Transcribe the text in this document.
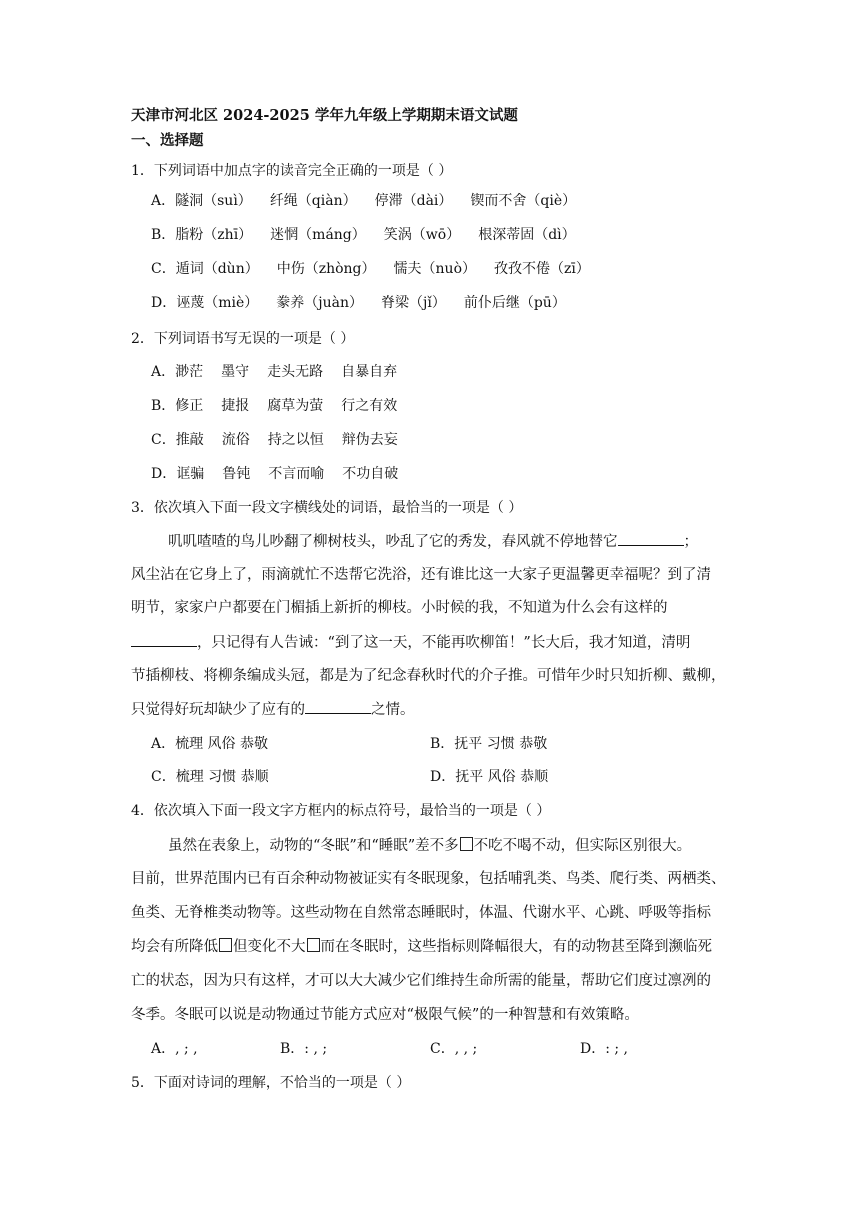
天津市河北区 2024-2025 学年九年级上学期期末语文试题
一、选择题
1．下列词语中加点字的读音完全正确的一项是（ ）
A．隧洞（suì） 纤绳（qiàn） 停滞（dài） 锲而不舍（qiè）
B．脂粉（zhī） 迷惘（máng） 笑涡（wō） 根深蒂固（dì）
C．遁词（dùn） 中伤（zhòng） 懦夫（nuò） 孜孜不倦（zī）
D．诬蔑（miè） 豢养（juàn） 脊梁（jǐ） 前仆后继（pū）
2．下列词语书写无误的一项是（ ）
A．渺茫 墨守 走头无路 自暴自弃
B．修正 捷报 腐草为萤 行之有效
C．推敲 流俗 持之以恒 辩伪去妄
D．诓骗 鲁钝 不言而喻 不功自破
3．依次填入下面一段文字横线处的词语，最恰当的一项是（ ）
叽叽喳喳的鸟儿吵翻了柳树枝头，吵乱了它的秀发，春风就不停地替它	；
风尘沾在它身上了，雨滴就忙不迭帮它洗浴，还有谁比这一大家子更温馨更幸福呢？到了清
明节，家家户户都要在门楣插上新折的柳枝。小时候的我，不知道为什么会有这样的
，只记得有人告诫：“到了这一天，不能再吹柳笛！”长大后，我才知道，清明
节插柳枝、将柳条编成头冠，都是为了纪念春秋时代的介子推。可惜年少时只知折柳、戴柳，
只觉得好玩却缺少了应有的	之情。
A．梳理 风俗 恭敬	B．抚平 习惯 恭敬
C．梳理 习惯 恭顺	D．抚平 风俗 恭顺
4．依次填入下面一段文字方框内的标点符号，最恰当的一项是（ ）
虽然在表象上，动物的“冬眠”和“睡眠”差不多 不吃不喝不动，但实际区别很大。
目前，世界范围内已有百余种动物被证实有冬眠现象，包括哺乳类、鸟类、爬行类、两栖类、
鱼类、无脊椎类动物等。这些动物在自然常态睡眠时，体温、代谢水平、心跳、呼吸等指标
均会有所降低 但变化不大 而在冬眠时，这些指标则降幅很大，有的动物甚至降到濒临死
亡的状态，因为只有这样，才可以大大减少它们维持生命所需的能量，帮助它们度过凛冽的
冬季。冬眠可以说是动物通过节能方式应对“极限气候”的一种智慧和有效策略。
A．, ; ,	B．: , ;	C．, , ;	D．: ; ,
5．下面对诗词的理解，不恰当的一项是（ ）
